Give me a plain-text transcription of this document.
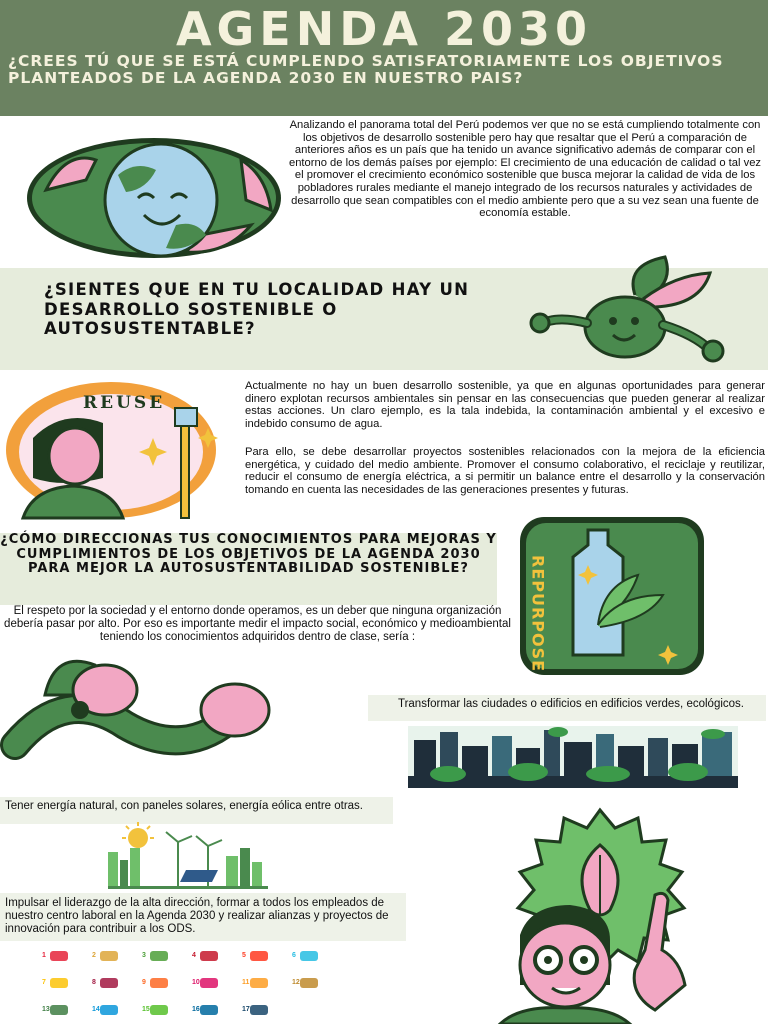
AGENDA 2030
¿CREES TÚ QUE SE ESTÁ CUMPLENDO SATISFATORIAMENTE LOS OBJETIVOS PLANTEADOS DE LA AGENDA 2030 EN NUESTRO PAIS?
Analizando el panorama total del Perú podemos ver que no se está cumpliendo totalmente con los objetivos de desarrollo sostenible pero hay que resaltar que el Perú a comparación de anteriores años es un país que ha tenido un avance significativo además de comparar con el entorno de los demás países por ejemplo: El crecimiento de una educación de calidad o tal vez el promover el crecimiento económico sostenible que busca mejorar la calidad de vida de los pobladores rurales mediante el manejo integrado de los recursos naturales y actividades de desarrollo que sean compatibles con el medio ambiente pero que a su vez sean una fuente de economía estable.
¿SIENTES QUE EN TU LOCALIDAD HAY UN DESARROLLO SOSTENIBLE O AUTOSUSTENTABLE?
REUSE
Actualmente no hay un buen desarrollo sostenible, ya que en algunas oportunidades para generar dinero explotan recursos ambientales sin pensar en las consecuencias que pueden generar al realizar estas acciones. Un claro ejemplo, es la tala indebida, la contaminación ambiental y el excesivo e indebido consumo de agua.
Para ello, se debe desarrollar proyectos sostenibles relacionados con la mejora de la eficiencia energética, y cuidado del medio ambiente. Promover el consumo colaborativo, el reciclaje y reutilizar, reducir el consumo de energía eléctrica, a si permitir un balance entre el desarrollo y la conservación tomando en cuenta las necesidades de las generaciones presentes y futuras.
¿CÓMO DIRECCIONAS TUS CONOCIMIENTOS PARA MEJORAS Y CUMPLIMIENTOS DE LOS OBJETIVOS DE LA AGENDA 2030 PARA MEJOR LA AUTOSUSTENTABILIDAD SOSTENIBLE?
El respeto por la sociedad y el entorno donde operamos, es un deber que ninguna organización debería pasar por alto. Por eso es importante medir el impacto social, económico y medioambiental teniendo los conocimientos adquiridos dentro de clase, sería :	REPURPOSE
Transformar las ciudades o edificios en edificios verdes, ecológicos.
Tener energía natural, con paneles solares, energía eólica entre otras.
Impulsar el liderazgo de la alta dirección, formar a todos los empleados de nuestro centro laboral en la Agenda 2030 y realizar alianzas y proyectos de innovación para contribuir a los ODS.
1	2	3	4	5	6
7	8	9	10	11	12
13	14	15	16	17
